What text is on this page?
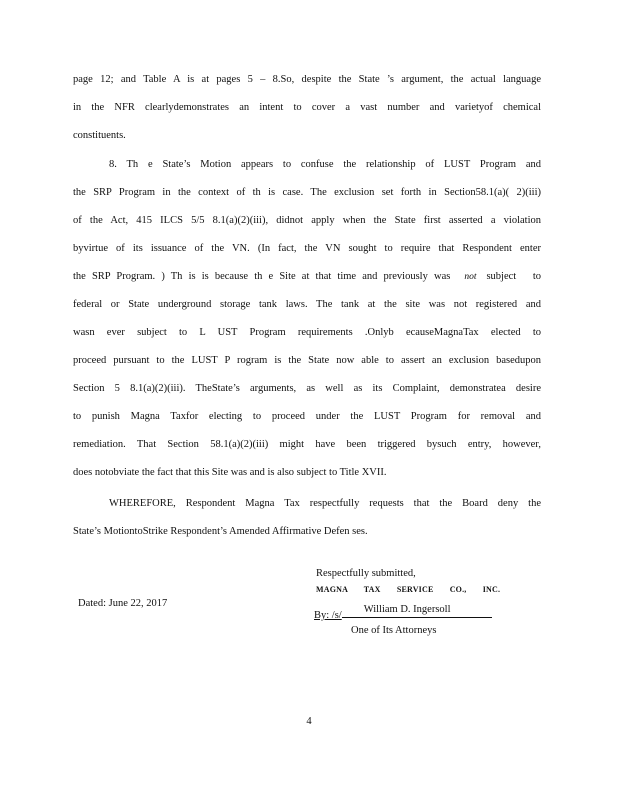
page 12; and Table A is at pages 5 – 8.So, despite the State ’s argument, the actual language
in the NFR clearlydemonstrates an intent to cover a vast number and varietyof chemical
constituents.
8. Th e State’s Motion appears to confuse the relationship of LUST Program and
the SRP Program in the context of th is case. The exclusion set forth in Section58.1(a)( 2)(iii)
of the Act, 415 ILCS 5/5 8.1(a)(2)(iii), didnot apply when the State first asserted a violation
byvirtue of its issuance of the VN. (In fact, the VN sought to require that Respondent enter
the SRP Program. ) Th is is because th e Site at that time and previously was not subject to
federal or State underground storage tank laws. The tank at the site was not registered and
wasn ever subject to L UST Program requirements .Onlyb ecauseMagnaTax elected to
proceed pursuant to the LUST P rogram is the State now able to assert an exclusion basedupon
Section 5 8.1(a)(2)(iii). TheState’s arguments, as well as its Complaint, demonstratea desire
to punish Magna Taxfor electing to proceed under the LUST Program for removal and
remediation. That Section 58.1(a)(2)(iii) might have been triggered bysuch entry, however,
does notobviate the fact that this Site was and is also subject to Title XVII.
WHEREFORE, Respondent Magna Tax respectfully requests that the Board deny the
State’s MotiontoStrike Respondent’s Amended Affirmative Defen ses.
Respectfully submitted,
MAGNA TAX SERVICE CO., INC.
Dated: June 22, 2017
By: /s/
William D. Ingersoll
One of Its Attorneys
4
